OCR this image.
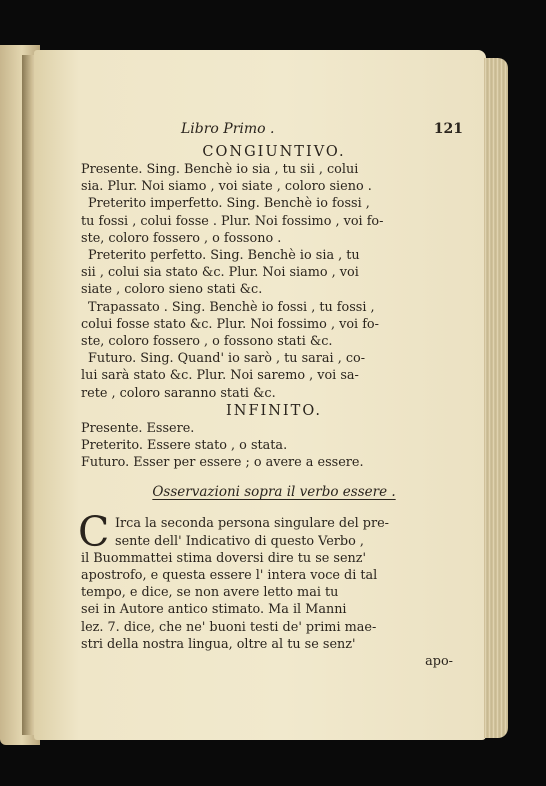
Libro Primo .	121
CONGIUNTIVO.
Presente. Sing. Benchè io sia , tu sii , colui
sia. Plur. Noi siamo , voi siate , coloro sieno .
Preterito imperfetto. Sing. Benchè io fossi ,
tu fossi , colui fosse . Plur. Noi fossimo , voi fo-
ste, coloro fossero , o fossono .
Preterito perfetto. Sing. Benchè io sia , tu
sii , colui sia stato &c. Plur. Noi siamo , voi
siate , coloro sieno stati &c.
Trapassato . Sing. Benchè io fossi , tu fossi ,
colui fosse stato &c. Plur. Noi fossimo , voi fo-
ste, coloro fossero , o fossono stati &c.
Futuro. Sing. Quand' io sarò , tu sarai , co-
lui sarà stato &c. Plur. Noi saremo , voi sa-
rete , coloro saranno stati &c.
INFINITO.
Presente. Essere.
Preterito. Essere stato , o stata.
Futuro. Esser per essere ; o avere a essere.
Osservazioni sopra il verbo essere .
C Irca la seconda persona singulare del pre-
sente dell' Indicativo di questo Verbo ,
il Buommattei stima doversi dire tu se senz'
apostrofo, e questa essere l' intera voce di tal
tempo, e dice, se non avere letto mai tu
sei in Autore antico stimato. Ma il Manni
lez. 7. dice, che ne' buoni testi de' primi mae-
stri della nostra lingua, oltre al tu se senz'
apo-
